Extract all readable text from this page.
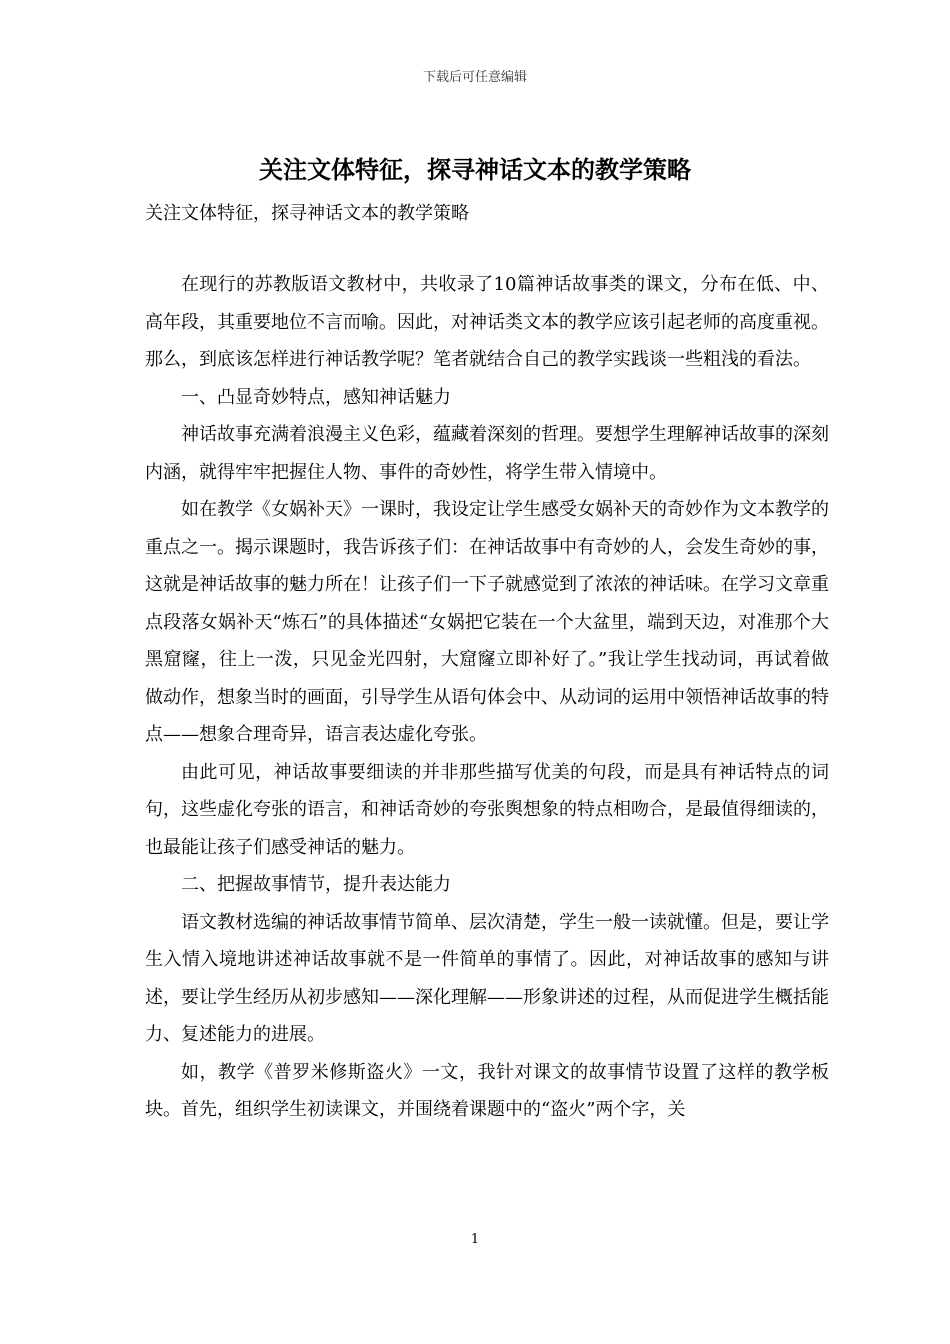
下载后可任意编辑
关注文体特征，探寻神话文本的教学策略
关注文体特征，探寻神话文本的教学策略

在现行的苏教版语文教材中，共收录了10篇神话故事类的课文，分布在低、中、高年段，其重要地位不言而喻。因此，对神话类文本的教学应该引起老师的高度重视。那么，到底该怎样进行神话教学呢？笔者就结合自己的教学实践谈一些粗浅的看法。

一、凸显奇妙特点，感知神话魅力

神话故事充满着浪漫主义色彩，蕴藏着深刻的哲理。要想学生理解神话故事的深刻内涵，就得牢牢把握住人物、事件的奇妙性，将学生带入情境中。

如在教学《女娲补天》一课时，我设定让学生感受女娲补天的奇妙作为文本教学的重点之一。揭示课题时，我告诉孩子们：在神话故事中有奇妙的人，会发生奇妙的事，这就是神话故事的魅力所在！让孩子们一下子就感觉到了浓浓的神话味。在学习文章重点段落女娲补天“炼石”的具体描述“女娲把它装在一个大盆里，端到天边，对准那个大黑窟窿，往上一泼，只见金光四射，大窟窿立即补好了。”我让学生找动词，再试着做做动作，想象当时的画面，引导学生从语句体会中、从动词的运用中领悟神话故事的特点——想象合理奇异，语言表达虚化夸张。

由此可见，神话故事要细读的并非那些描写优美的句段，而是具有神话特点的词句，这些虚化夸张的语言，和神话奇妙的夸张舆想象的特点相吻合，是最值得细读的，也最能让孩子们感受神话的魅力。

二、把握故事情节，提升表达能力

语文教材选编的神话故事情节简单、层次清楚，学生一般一读就懂。但是，要让学生入情入境地讲述神话故事就不是一件简单的事情了。因此，对神话故事的感知与讲述，要让学生经历从初步感知——深化理解——形象讲述的过程，从而促进学生概括能力、复述能力的进展。

如，教学《普罗米修斯盗火》一文，我针对课文的故事情节设置了这样的教学板块。首先，组织学生初读课文，并围绕着课题中的“盗火”两个字，关

1
